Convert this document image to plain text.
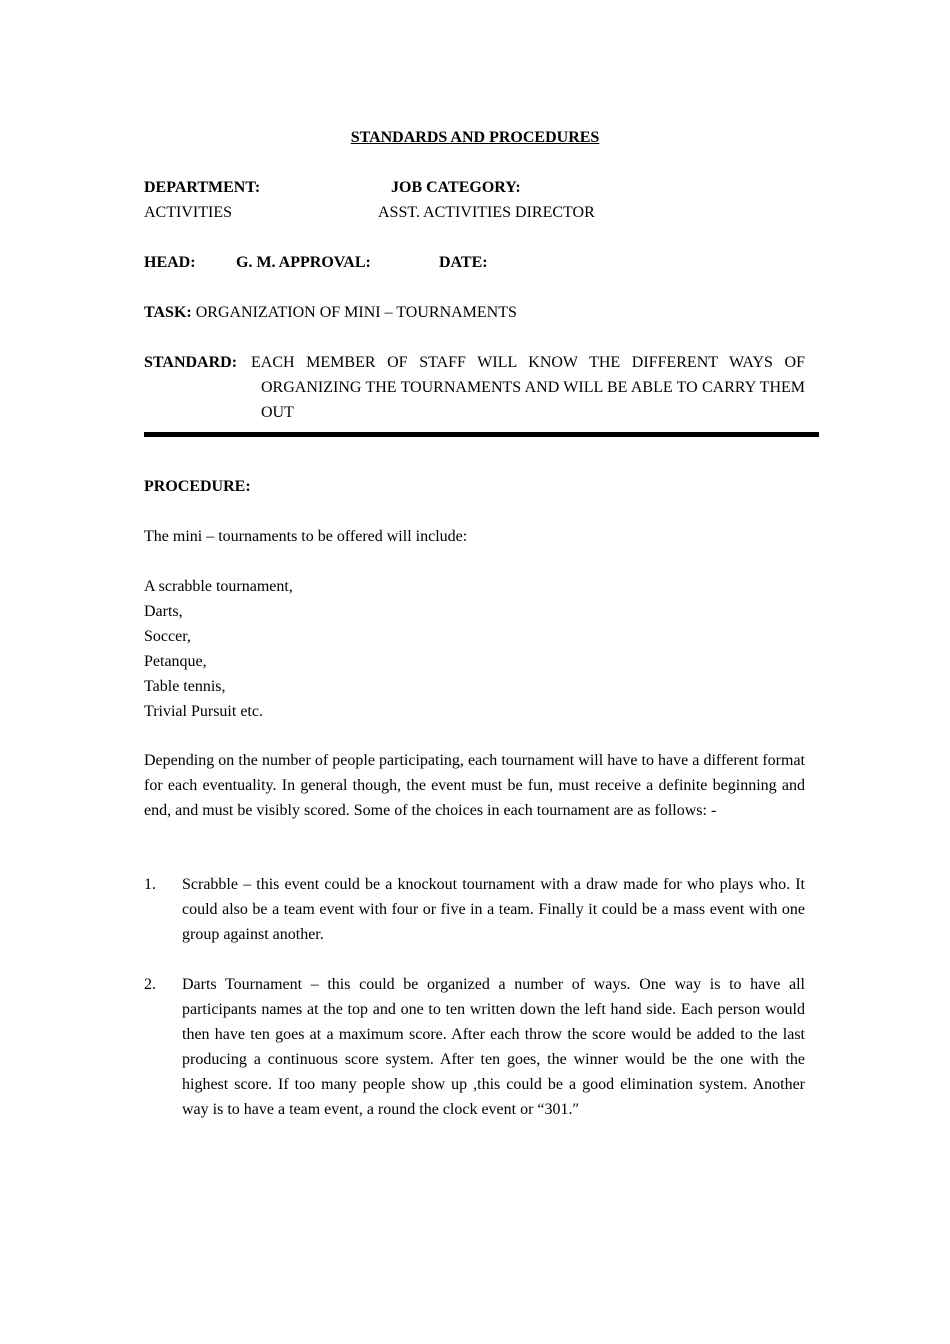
STANDARDS AND PROCEDURES
DEPARTMENT:	JOB CATEGORY:
ACTIVITIES	ASST. ACTIVITIES DIRECTOR
HEAD:	G. M. APPROVAL:	DATE:
TASK: ORGANIZATION OF MINI – TOURNAMENTS
STANDARD: EACH MEMBER OF STAFF WILL KNOW THE DIFFERENT WAYS OF ORGANIZING THE TOURNAMENTS AND WILL BE ABLE TO CARRY THEM OUT
PROCEDURE:
The mini – tournaments to be offered will include:
A scrabble tournament,
Darts,
Soccer,
Petanque,
Table tennis,
Trivial Pursuit etc.
Depending on the number of people participating, each tournament will have to have a different format for each eventuality. In general though, the event must be fun, must receive a definite beginning and end, and must be visibly scored. Some of the choices in each tournament are as follows: -
1. Scrabble – this event could be a knockout tournament with a draw made for who plays who. It could also be a team event with four or five in a team. Finally it could be a mass event with one group against another.
2. Darts Tournament – this could be organized a number of ways. One way is to have all participants names at the top and one to ten written down the left hand side. Each person would then have ten goes at a maximum score. After each throw the score would be added to the last producing a continuous score system. After ten goes, the winner would be the one with the highest score. If too many people show up ,this could be a good elimination system. Another way is to have a team event, a round the clock event or “301.″
